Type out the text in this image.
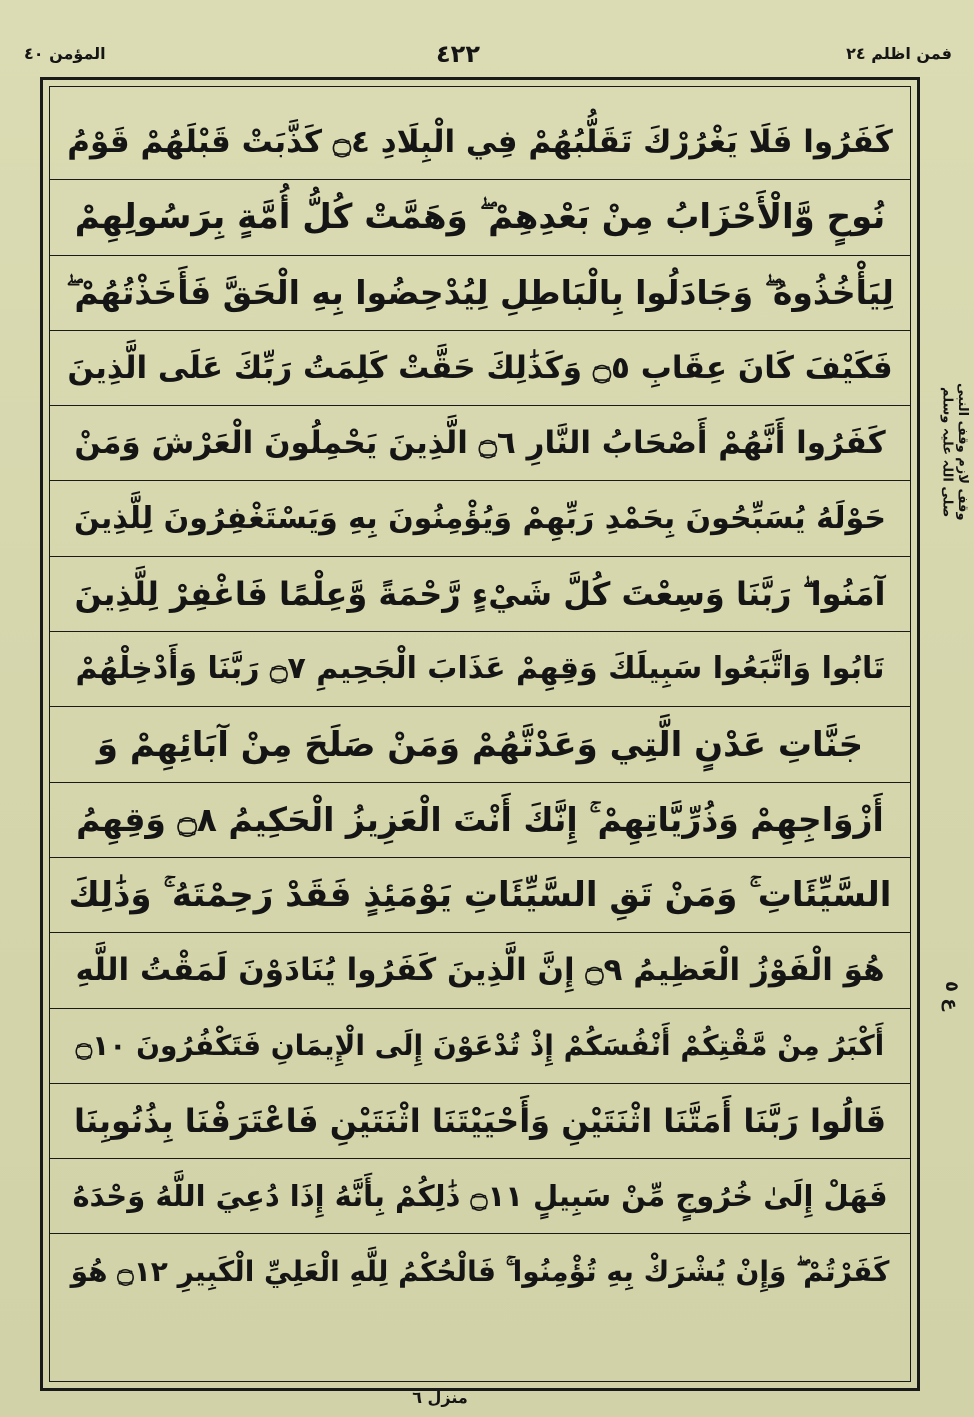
المؤمن ٤٠	٤٢٢	فمن اظلم ٢٤
كَفَرُوا فَلَا يَغْرُرْكَ تَقَلُّبُهُمْ فِي الْبِلَادِ ۝٤ كَذَّبَتْ قَبْلَهُمْ قَوْمُ
نُوحٍ وَّالْأَحْزَابُ مِنْ بَعْدِهِمْ ۖ وَهَمَّتْ كُلُّ أُمَّةٍ بِرَسُولِهِمْ
لِيَأْخُذُوهُ ۖ وَجَادَلُوا بِالْبَاطِلِ لِيُدْحِضُوا بِهِ الْحَقَّ فَأَخَذْتُهُمْ ۖ
فَكَيْفَ كَانَ عِقَابِ ۝٥ وَكَذَٰلِكَ حَقَّتْ كَلِمَتُ رَبِّكَ عَلَى الَّذِينَ
كَفَرُوا أَنَّهُمْ أَصْحَابُ النَّارِ ۝٦ الَّذِينَ يَحْمِلُونَ الْعَرْشَ وَمَنْ
حَوْلَهُ يُسَبِّحُونَ بِحَمْدِ رَبِّهِمْ وَيُؤْمِنُونَ بِهِ وَيَسْتَغْفِرُونَ لِلَّذِينَ
آمَنُوا ۖ رَبَّنَا وَسِعْتَ كُلَّ شَيْءٍ رَّحْمَةً وَّعِلْمًا فَاغْفِرْ لِلَّذِينَ
تَابُوا وَاتَّبَعُوا سَبِيلَكَ وَقِهِمْ عَذَابَ الْجَحِيمِ ۝٧ رَبَّنَا وَأَدْخِلْهُمْ
جَنَّاتِ عَدْنٍ الَّتِي وَعَدْتَّهُمْ وَمَنْ صَلَحَ مِنْ آبَائِهِمْ وَ
أَزْوَاجِهِمْ وَذُرِّيَّاتِهِمْ ۚ إِنَّكَ أَنْتَ الْعَزِيزُ الْحَكِيمُ ۝٨ وَقِهِمُ
السَّيِّئَاتِ ۚ وَمَنْ تَقِ السَّيِّئَاتِ يَوْمَئِذٍ فَقَدْ رَحِمْتَهُ ۚ وَذَٰلِكَ
هُوَ الْفَوْزُ الْعَظِيمُ ۝٩ إِنَّ الَّذِينَ كَفَرُوا يُنَادَوْنَ لَمَقْتُ اللَّهِ
أَكْبَرُ مِنْ مَّقْتِكُمْ أَنْفُسَكُمْ إِذْ تُدْعَوْنَ إِلَى الْإِيمَانِ فَتَكْفُرُونَ ۝١٠
قَالُوا رَبَّنَا أَمَتَّنَا اثْنَتَيْنِ وَأَحْيَيْتَنَا اثْنَتَيْنِ فَاعْتَرَفْنَا بِذُنُوبِنَا
فَهَلْ إِلَىٰ خُرُوجٍ مِّنْ سَبِيلٍ ۝١١ ذَٰلِكُمْ بِأَنَّهُ إِذَا دُعِيَ اللَّهُ وَحْدَهُ
كَفَرْتُمْ ۖ وَإِنْ يُشْرَكْ بِهِ تُؤْمِنُوا ۚ فَالْحُكْمُ لِلَّهِ الْعَلِيِّ الْكَبِيرِ ۝١٢ هُوَ
وقف لازم وقف النبی صلی اللہ علیہ وسلم
ع ٥
منزل ٦
